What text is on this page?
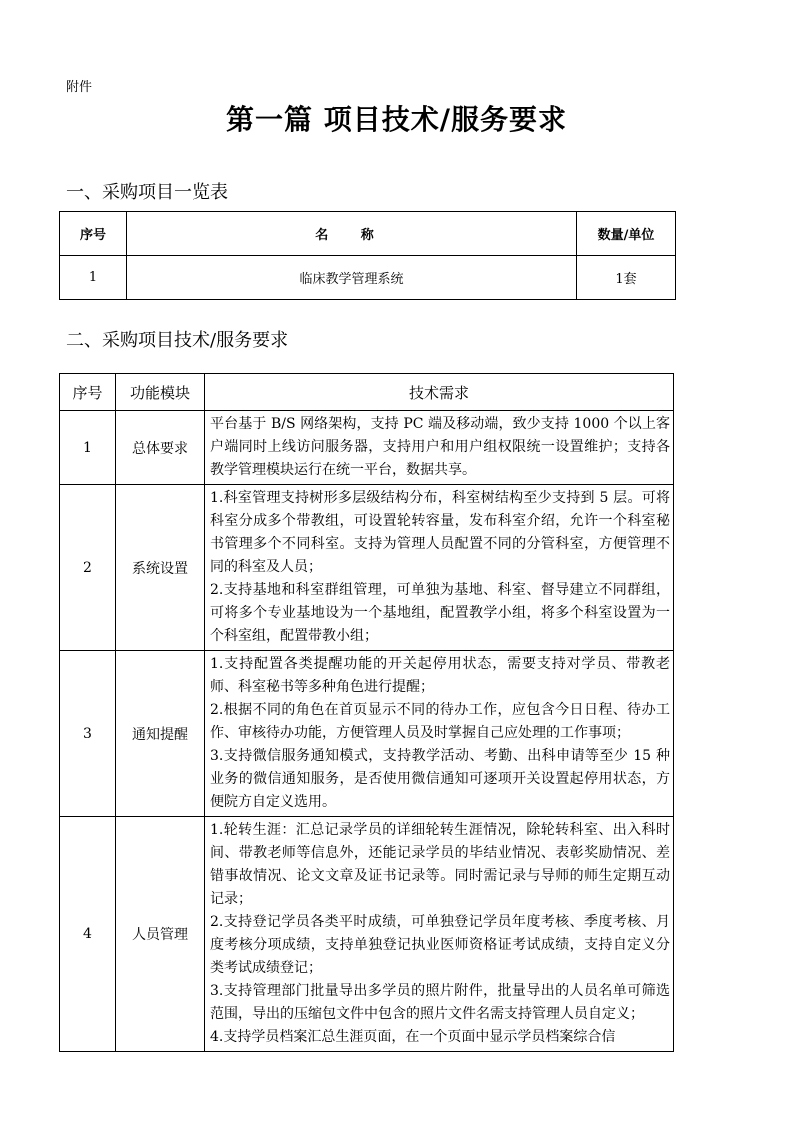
附件
第一篇 项目技术/服务要求
一、采购项目一览表
序号	名 称	数量/单位
1	临床教学管理系统	1套
二、采购项目技术/服务要求
序号	功能模块	技术需求
1	总体要求	平台基于 B/S 网络架构，支持 PC 端及移动端，致少支持 1000 个以上客户端同时上线访问服务器，支持用户和用户组权限统一设置维护；支持各教学管理模块运行在统一平台，数据共享。

2	系统设置	1.科室管理支持树形多层级结构分布，科室树结构至少支持到 5 层。可将科室分成多个带教组，可设置轮转容量，发布科室介绍，允许一个科室秘书管理多个不同科室。支持为管理人员配置不同的分管科室，方便管理不同的科室及人员；
2.支持基地和科室群组管理，可单独为基地、科室、督导建立不同群组，可将多个专业基地设为一个基地组，配置教学小组，将多个科室设置为一个科室组，配置带教小组；

3	通知提醒	1.支持配置各类提醒功能的开关起停用状态，需要支持对学员、带教老师、科室秘书等多种角色进行提醒；
2.根据不同的角色在首页显示不同的待办工作，应包含今日日程、待办工作、审核待办功能，方便管理人员及时掌握自己应处理的工作事项；
3.支持微信服务通知模式，支持教学活动、考勤、出科申请等至少 15 种业务的微信通知服务，是否使用微信通知可逐项开关设置起停用状态，方便院方自定义选用。

4	人员管理	1.轮转生涯：汇总记录学员的详细轮转生涯情况，除轮转科室、出入科时间、带教老师等信息外，还能记录学员的毕结业情况、表彰奖励情况、差错事故情况、论文文章及证书记录等。同时需记录与导师的师生定期互动记录；
2.支持登记学员各类平时成绩，可单独登记学员年度考核、季度考核、月度考核分项成绩，支持单独登记执业医师资格证考试成绩，支持自定义分类考试成绩登记；
3.支持管理部门批量导出多学员的照片附件，批量导出的人员名单可筛选范围，导出的压缩包文件中包含的照片文件名需支持管理人员自定义；
4.支持学员档案汇总生涯页面，在一个页面中显示学员档案综合信
